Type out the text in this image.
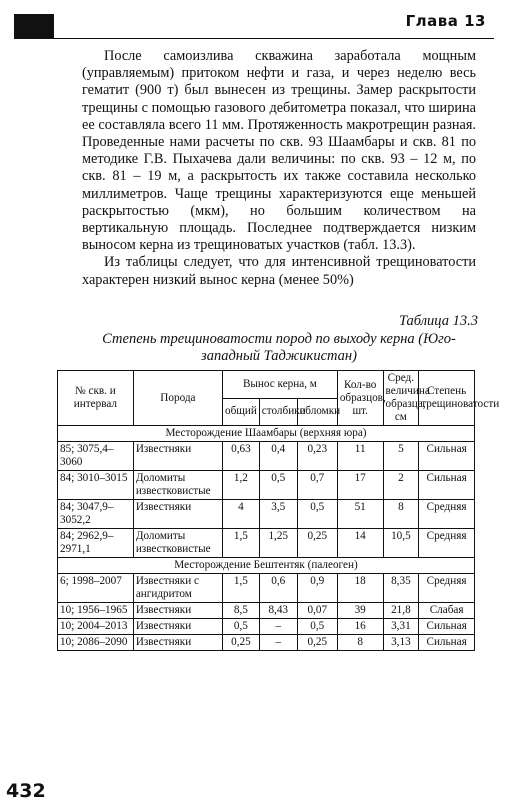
Глава 13

После самоизлива скважина заработала мощным (управляемым) притоком нефти и газа, и через неделю весь гематит (900 т) был вынесен из трещины. Замер раскрытости трещины с помощью газового дебитометра показал, что ширина ее составляла всего 11 мм. Протяженность макротрещин разная. Проведенные нами расчеты по скв. 93 Шаамбары и скв. 81 по методике Г.В. Пыхачева дали величины: по скв. 93 – 12 м, по скв. 81 – 19 м, а раскрытость их также составила несколько миллиметров. Чаще трещины характеризуются еще меньшей раскрытостью (мкм), но большим количеством на вертикальную площадь. Последнее подтверждается низким выносом керна из трещиноватых участков (табл. 13.3).

Из таблицы следует, что для интенсивной трещиноватости характерен низкий вынос керна (менее 50%)

Таблица 13.3
Степень трещиноватости пород по выходу керна (Юго-западный Таджикистан)
№ скв. и интервал	Порода	Вынос керна, м			Кол-во образцов, шт.	Сред. величина образца, см	Степень трещиноватости
		общий	столбики	обломки			
Месторождение Шаамбары (верхняя юра)							
85; 3075,4–3060	Известняки	0,63	0,4	0,23	11	5	Сильная
84; 3010–3015	Доломиты известковистые	1,2	0,5	0,7	17	2	Сильная
84; 3047,9–3052,2	Известняки	4	3,5	0,5	51	8	Средняя
84; 2962,9–2971,1	Доломиты известковистые	1,5	1,25	0,25	14	10,5	Средняя
Месторождение Бештентяк (палеоген)							
6; 1998–2007	Известняки с ангидритом	1,5	0,6	0,9	18	8,35	Средняя
10; 1956–1965	Известняки	8,5	8,43	0,07	39	21,8	Слабая
10; 2004–2013	Известняки	0,5	–	0,5	16	3,31	Сильная
10; 2086–2090	Известняки	0,25	–	0,25	8	3,13	Сильная
432
